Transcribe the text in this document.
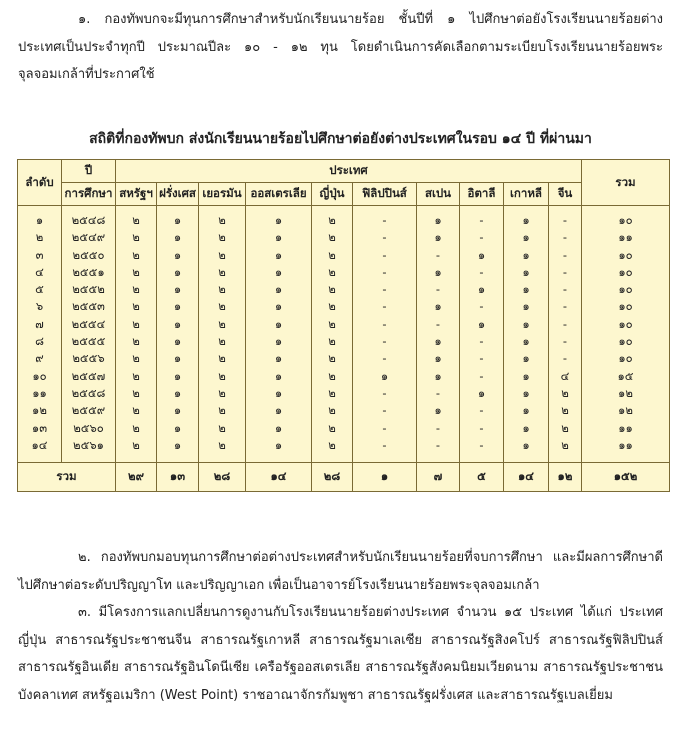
๑. กองทัพบกจะมีทุนการศึกษาสำหรับนักเรียนนายร้อย ชั้นปีที่ ๑ ไปศึกษาต่อยังโรงเรียนนายร้อยต่างประเทศเป็นประจำทุกปี ประมาณปีละ ๑๐ - ๑๒ ทุน โดยดำเนินการคัดเลือกตามระเบียบโรงเรียนนายร้อยพระจุลจอมเกล้าที่ประกาศใช้

สถิติที่กองทัพบก ส่งนักเรียนนายร้อยไปศึกษาต่อยังต่างประเทศในรอบ ๑๔ ปี ที่ผ่านมา

ลำดับ	ปี	ประเทศ										รวม
	การศึกษา	สหรัฐฯ	ฝรั่งเศส	เยอรมัน	ออสเตรเลีย	ญี่ปุ่น	ฟิลิปปินส์	สเปน	อิตาลี	เกาหลี	จีน	
๑	๒๕๔๘	๒	๑	๒	๑	๒	-	๑	-	๑	-	๑๐
๒	๒๕๔๙	๒	๑	๒	๑	๒	-	๑	-	๑	-	๑๑
๓	๒๕๕๐	๒	๑	๒	๑	๒	-	-	๑	๑	-	๑๐
๔	๒๕๕๑	๒	๑	๒	๑	๒	-	๑	-	๑	-	๑๐
๕	๒๕๕๒	๒	๑	๒	๑	๒	-	-	๑	๑	-	๑๐
๖	๒๕๕๓	๒	๑	๒	๑	๒	-	๑	-	๑	-	๑๐
๗	๒๕๕๔	๒	๑	๒	๑	๒	-	-	๑	๑	-	๑๐
๘	๒๕๕๕	๒	๑	๒	๑	๒	-	๑	-	๑	-	๑๐
๙	๒๕๕๖	๒	๑	๒	๑	๒	-	๑	-	๑	-	๑๐
๑๐	๒๕๕๗	๒	๑	๒	๑	๒	๑	๑	-	๑	๔	๑๕
๑๑	๒๕๕๘	๒	๑	๒	๑	๒	-	-	๑	๑	๒	๑๒
๑๒	๒๕๕๙	๒	๑	๒	๑	๒	-	๑	-	๑	๒	๑๒
๑๓	๒๕๖๐	๒	๑	๒	๑	๒	-	-	-	๑	๒	๑๑
๑๔	๒๕๖๑	๒	๑	๒	๑	๒	-	-	-	๑	๒	๑๑
รวม		๒๙	๑๓	๒๘	๑๔	๒๘	๑	๗	๕	๑๔	๑๒	๑๕๒

๒. กองทัพบกมอบทุนการศึกษาต่อต่างประเทศสำหรับนักเรียนนายร้อยที่จบการศึกษา และมีผลการศึกษาดีไปศึกษาต่อระดับปริญญาโท และปริญญาเอก เพื่อเป็นอาจารย์โรงเรียนนายร้อยพระจุลจอมเกล้า

๓. มีโครงการแลกเปลี่ยนการดูงานกับโรงเรียนนายร้อยต่างประเทศ จำนวน ๑๕ ประเทศ ได้แก่ ประเทศญี่ปุ่น สาธารณรัฐประชาชนจีน สาธารณรัฐเกาหลี สาธารณรัฐมาเลเซีย สาธารณรัฐสิงคโปร์ สาธารณรัฐฟิลิปปินส์ สาธารณรัฐอินเดีย สาธารณรัฐอินโดนีเซีย เครือรัฐออสเตรเลีย สาธารณรัฐสังคมนิยมเวียดนาม สาธารณรัฐประชาชนบังคลาเทศ สหรัฐอเมริกา (West Point) ราชอาณาจักรกัมพูชา สาธารณรัฐฝรั่งเศส และสาธารณรัฐเบลเยี่ยม
